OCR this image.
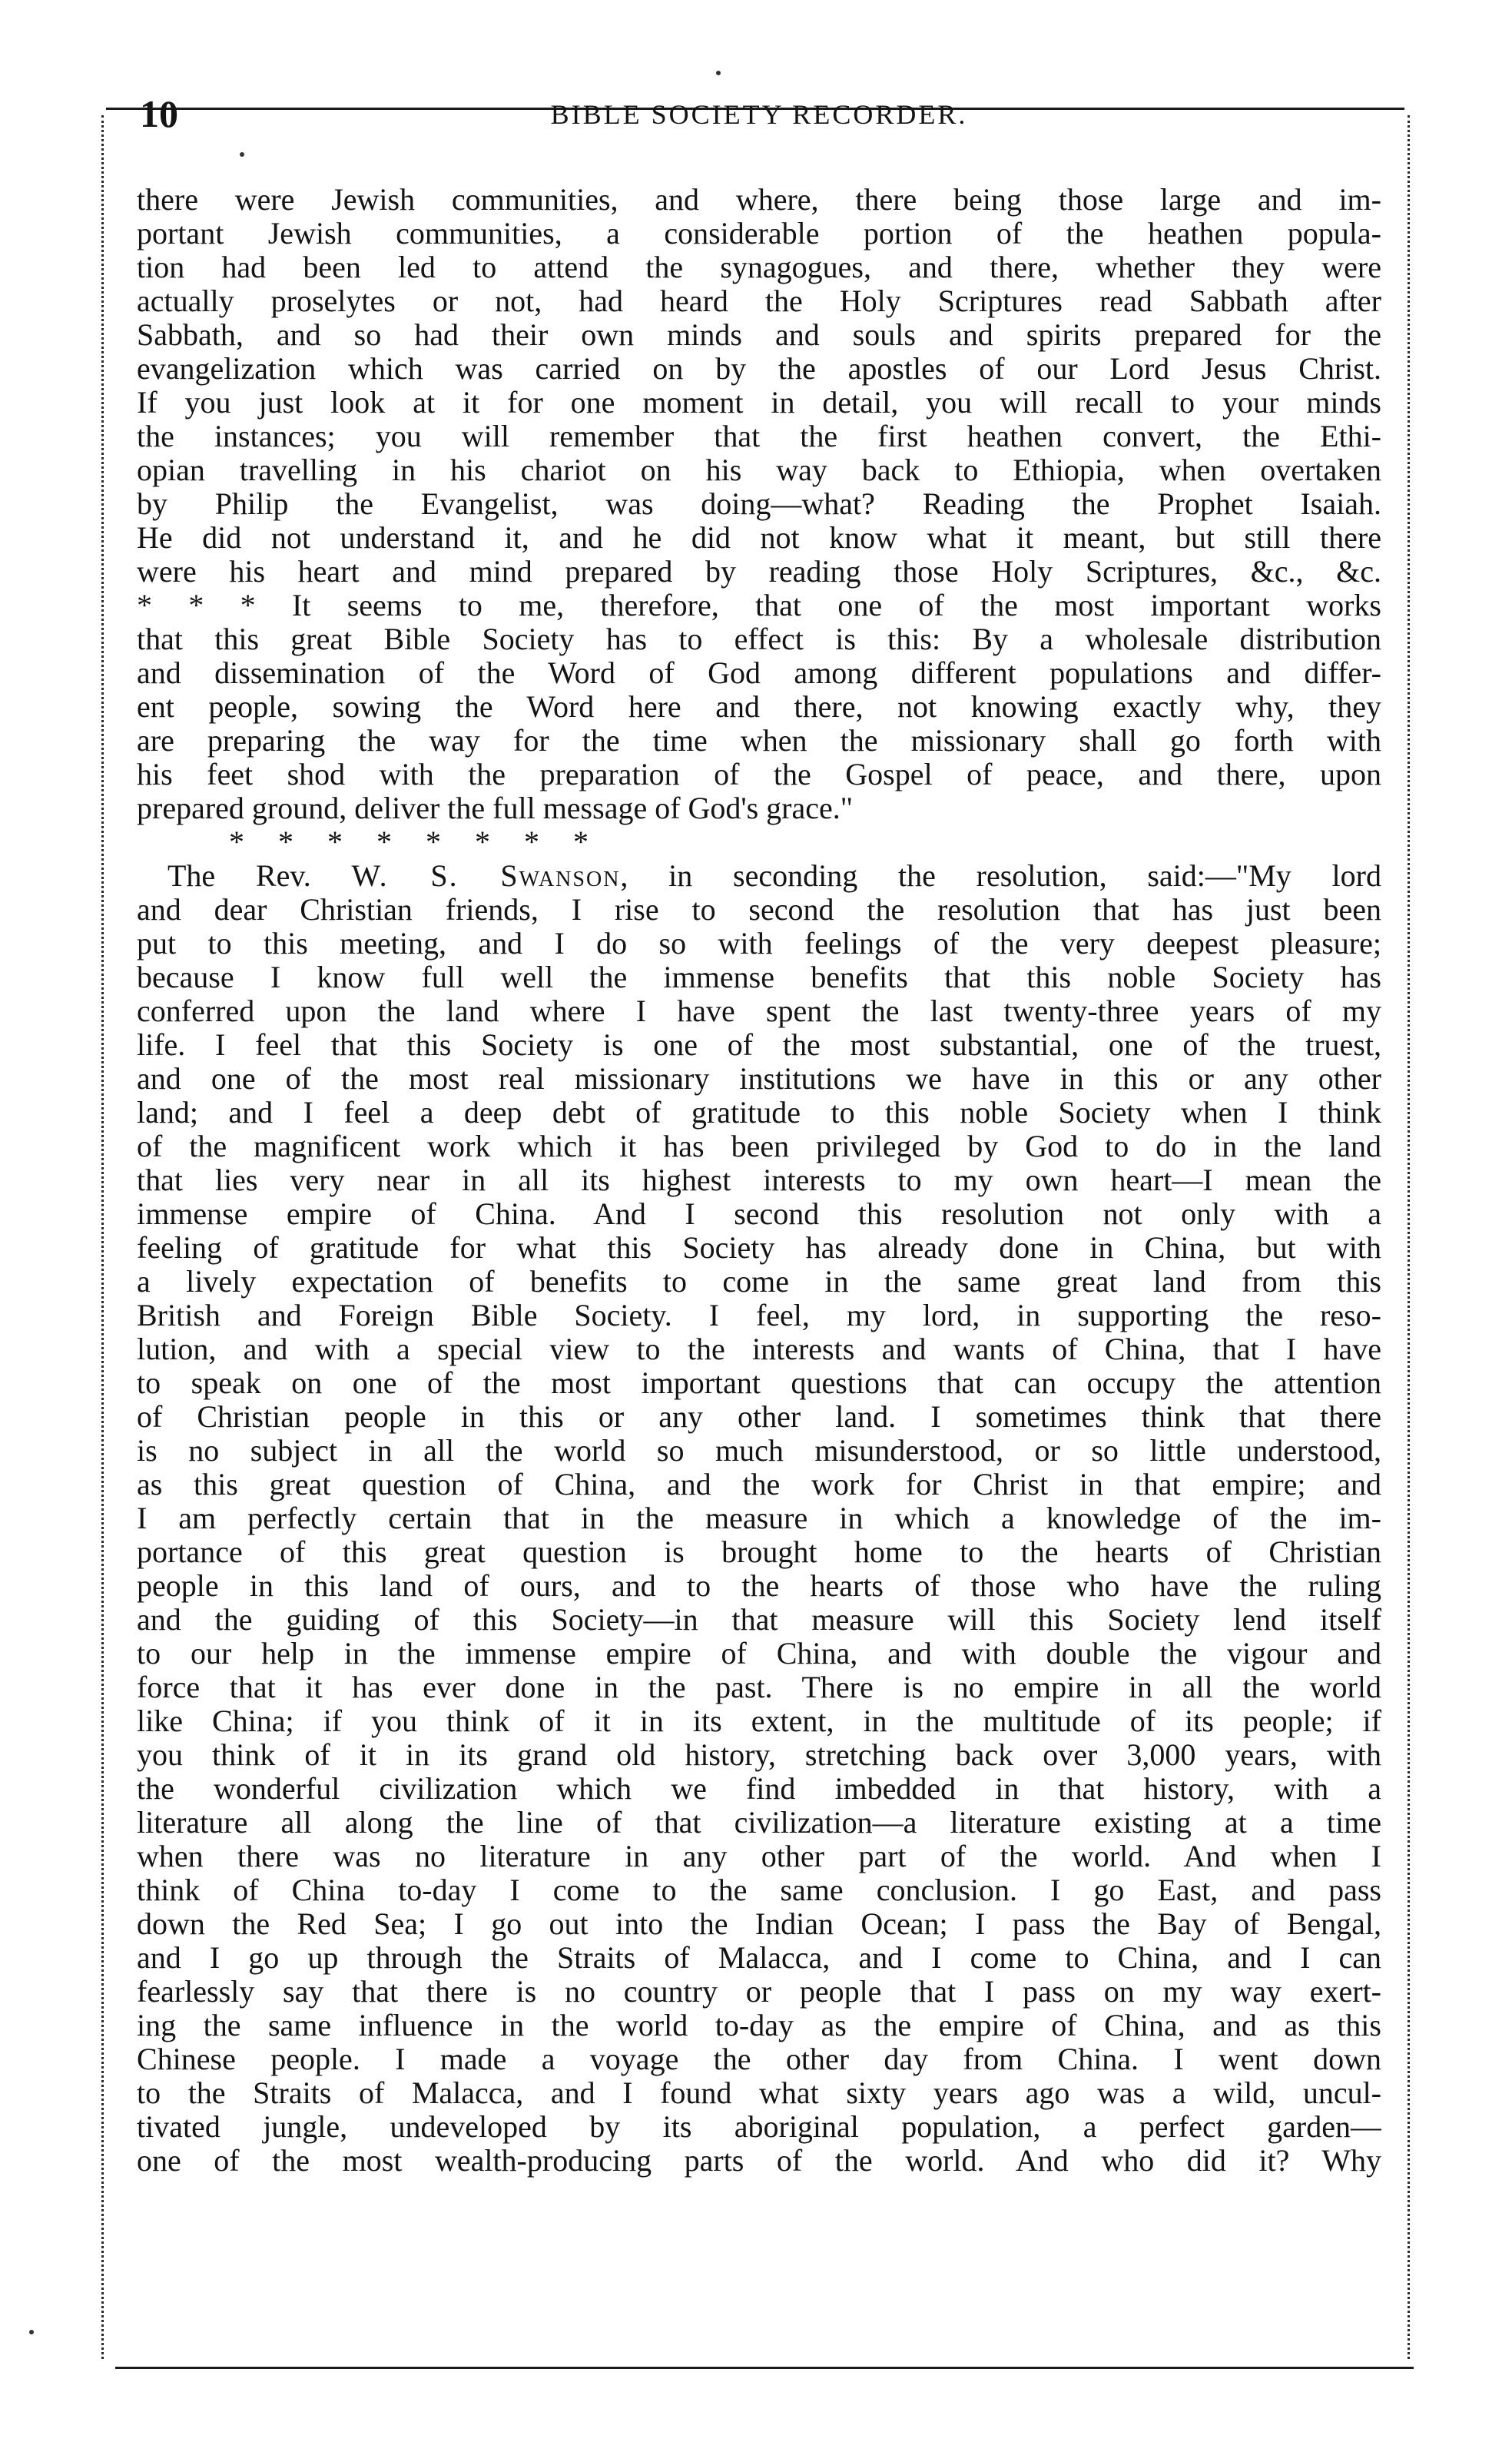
10	BIBLE SOCIETY RECORDER.
there were Jewish communities, and where, there being those large and im-
portant Jewish communities, a considerable portion of the heathen popula-
tion had been led to attend the synagogues, and there, whether they were
actually proselytes or not, had heard the Holy Scriptures read Sabbath after
Sabbath, and so had their own minds and souls and spirits prepared for the
evangelization which was carried on by the apostles of our Lord Jesus Christ.
If you just look at it for one moment in detail, you will recall to your minds
the instances; you will remember that the first heathen convert, the Ethi-
opian travelling in his chariot on his way back to Ethiopia, when overtaken
by Philip the Evangelist, was doing—what? Reading the Prophet Isaiah.
He did not understand it, and he did not know what it meant, but still there
were his heart and mind prepared by reading those Holy Scriptures, &c., &c.
* * * It seems to me, therefore, that one of the most important works
that this great Bible Society has to effect is this: By a wholesale distribution
and dissemination of the Word of God among different populations and differ-
ent people, sowing the Word here and there, not knowing exactly why, they
are preparing the way for the time when the missionary shall go forth with
his feet shod with the preparation of the Gospel of peace, and there, upon
prepared ground, deliver the full message of God's grace."
* * * * * * * *
The Rev. W. S. Swanson, in seconding the resolution, said:—"My lord
and dear Christian friends, I rise to second the resolution that has just been
put to this meeting, and I do so with feelings of the very deepest pleasure;
because I know full well the immense benefits that this noble Society has
conferred upon the land where I have spent the last twenty-three years of my
life. I feel that this Society is one of the most substantial, one of the truest,
and one of the most real missionary institutions we have in this or any other
land; and I feel a deep debt of gratitude to this noble Society when I think
of the magnificent work which it has been privileged by God to do in the land
that lies very near in all its highest interests to my own heart—I mean the
immense empire of China. And I second this resolution not only with a
feeling of gratitude for what this Society has already done in China, but with
a lively expectation of benefits to come in the same great land from this
British and Foreign Bible Society. I feel, my lord, in supporting the reso-
lution, and with a special view to the interests and wants of China, that I have
to speak on one of the most important questions that can occupy the attention
of Christian people in this or any other land. I sometimes think that there
is no subject in all the world so much misunderstood, or so little understood,
as this great question of China, and the work for Christ in that empire; and
I am perfectly certain that in the measure in which a knowledge of the im-
portance of this great question is brought home to the hearts of Christian
people in this land of ours, and to the hearts of those who have the ruling
and the guiding of this Society—in that measure will this Society lend itself
to our help in the immense empire of China, and with double the vigour and
force that it has ever done in the past. There is no empire in all the world
like China; if you think of it in its extent, in the multitude of its people; if
you think of it in its grand old history, stretching back over 3,000 years, with
the wonderful civilization which we find imbedded in that history, with a
literature all along the line of that civilization—a literature existing at a time
when there was no literature in any other part of the world. And when I
think of China to-day I come to the same conclusion. I go East, and pass
down the Red Sea; I go out into the Indian Ocean; I pass the Bay of Bengal,
and I go up through the Straits of Malacca, and I come to China, and I can
fearlessly say that there is no country or people that I pass on my way exert-
ing the same influence in the world to-day as the empire of China, and as this
Chinese people. I made a voyage the other day from China. I went down
to the Straits of Malacca, and I found what sixty years ago was a wild, uncul-
tivated jungle, undeveloped by its aboriginal population, a perfect garden—
one of the most wealth-producing parts of the world. And who did it? Why
